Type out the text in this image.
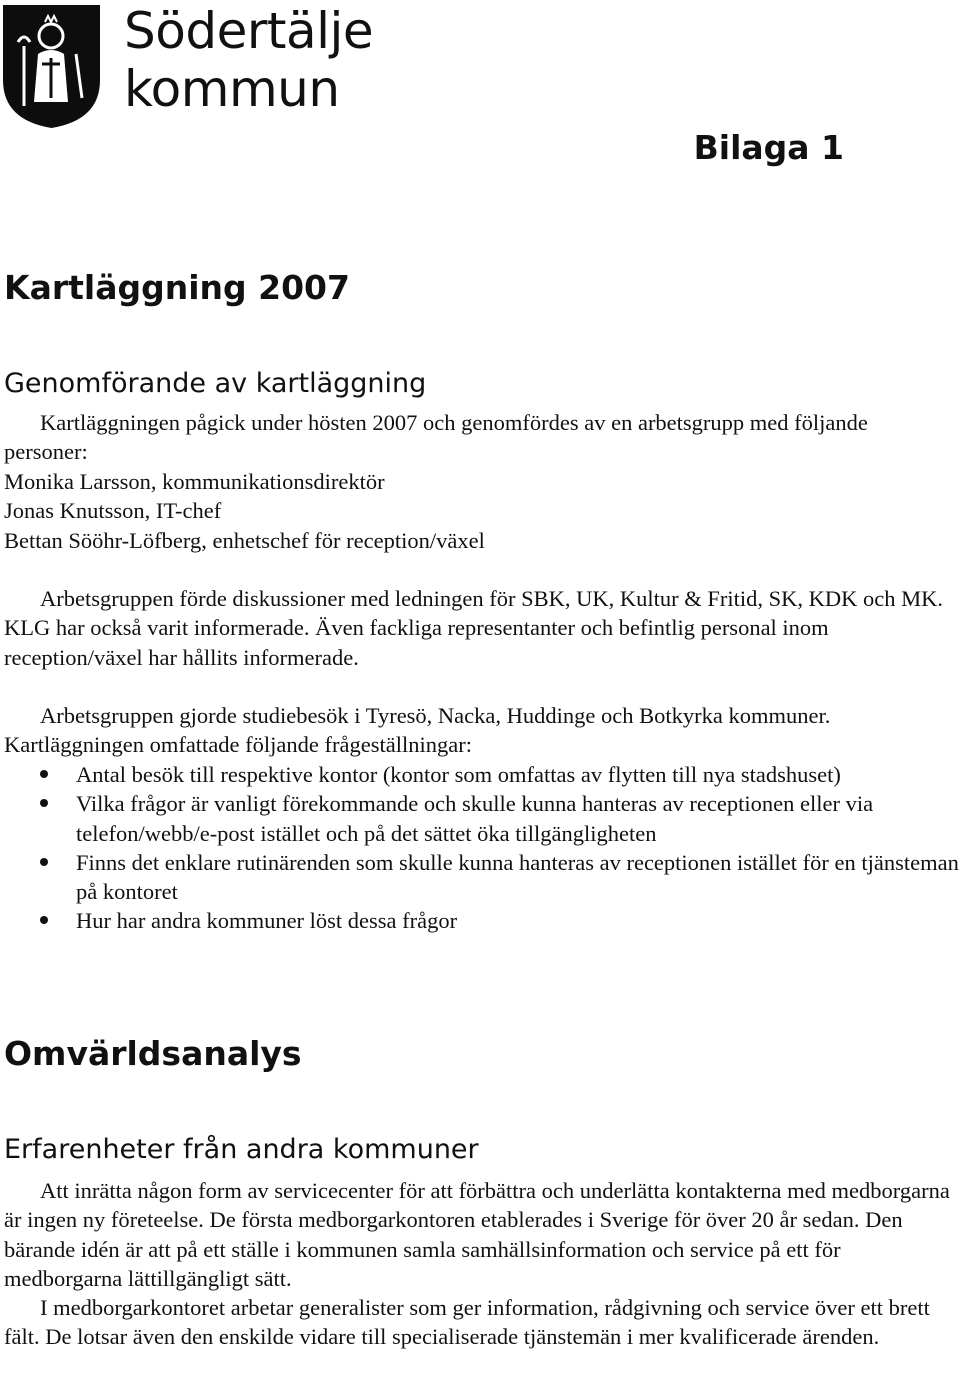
Södertälje
kommun
Bilaga 1
Kartläggning 2007
Genomförande av kartläggning

Kartläggningen pågick under hösten 2007 och genomfördes av en arbetsgrupp med följande personer:

Monika Larsson, kommunikationsdirektör
Jonas Knutsson, IT-chef
Bettan Sööhr-Löfberg, enhetschef för reception/växel

Arbetsgruppen förde diskussioner med ledningen för SBK, UK, Kultur & Fritid, SK, KDK och MK. KLG har också varit informerade. Även fackliga representanter och befintlig personal inom reception/växel har hållits informerade.

Arbetsgruppen gjorde studiebesök i Tyresö, Nacka, Huddinge och Botkyrka kommuner. Kartläggningen omfattade följande frågeställningar:

Antal besök till respektive kontor (kontor som omfattas av flytten till nya stadshuset)
Vilka frågor är vanligt förekommande och skulle kunna hanteras av receptionen eller via telefon/webb/e-post istället och på det sättet öka tillgängligheten
Finns det enklare rutinärenden som skulle kunna hanteras av receptionen istället för en tjänsteman på kontoret
Hur har andra kommuner löst dessa frågor
Omvärldsanalys
Erfarenheter från andra kommuner

Att inrätta någon form av servicecenter för att förbättra och underlätta kontakterna med medborgarna är ingen ny företeelse. De första medborgarkontoren etablerades i Sverige för över 20 år sedan. Den bärande idén är att på ett ställe i kommunen samla samhällsinformation och service på ett för medborgarna lättillgängligt sätt.

I medborgarkontoret arbetar generalister som ger information, rådgivning och service över ett brett fält. De lotsar även den enskilde vidare till specialiserade tjänstemän i mer kvalificerade ärenden.
